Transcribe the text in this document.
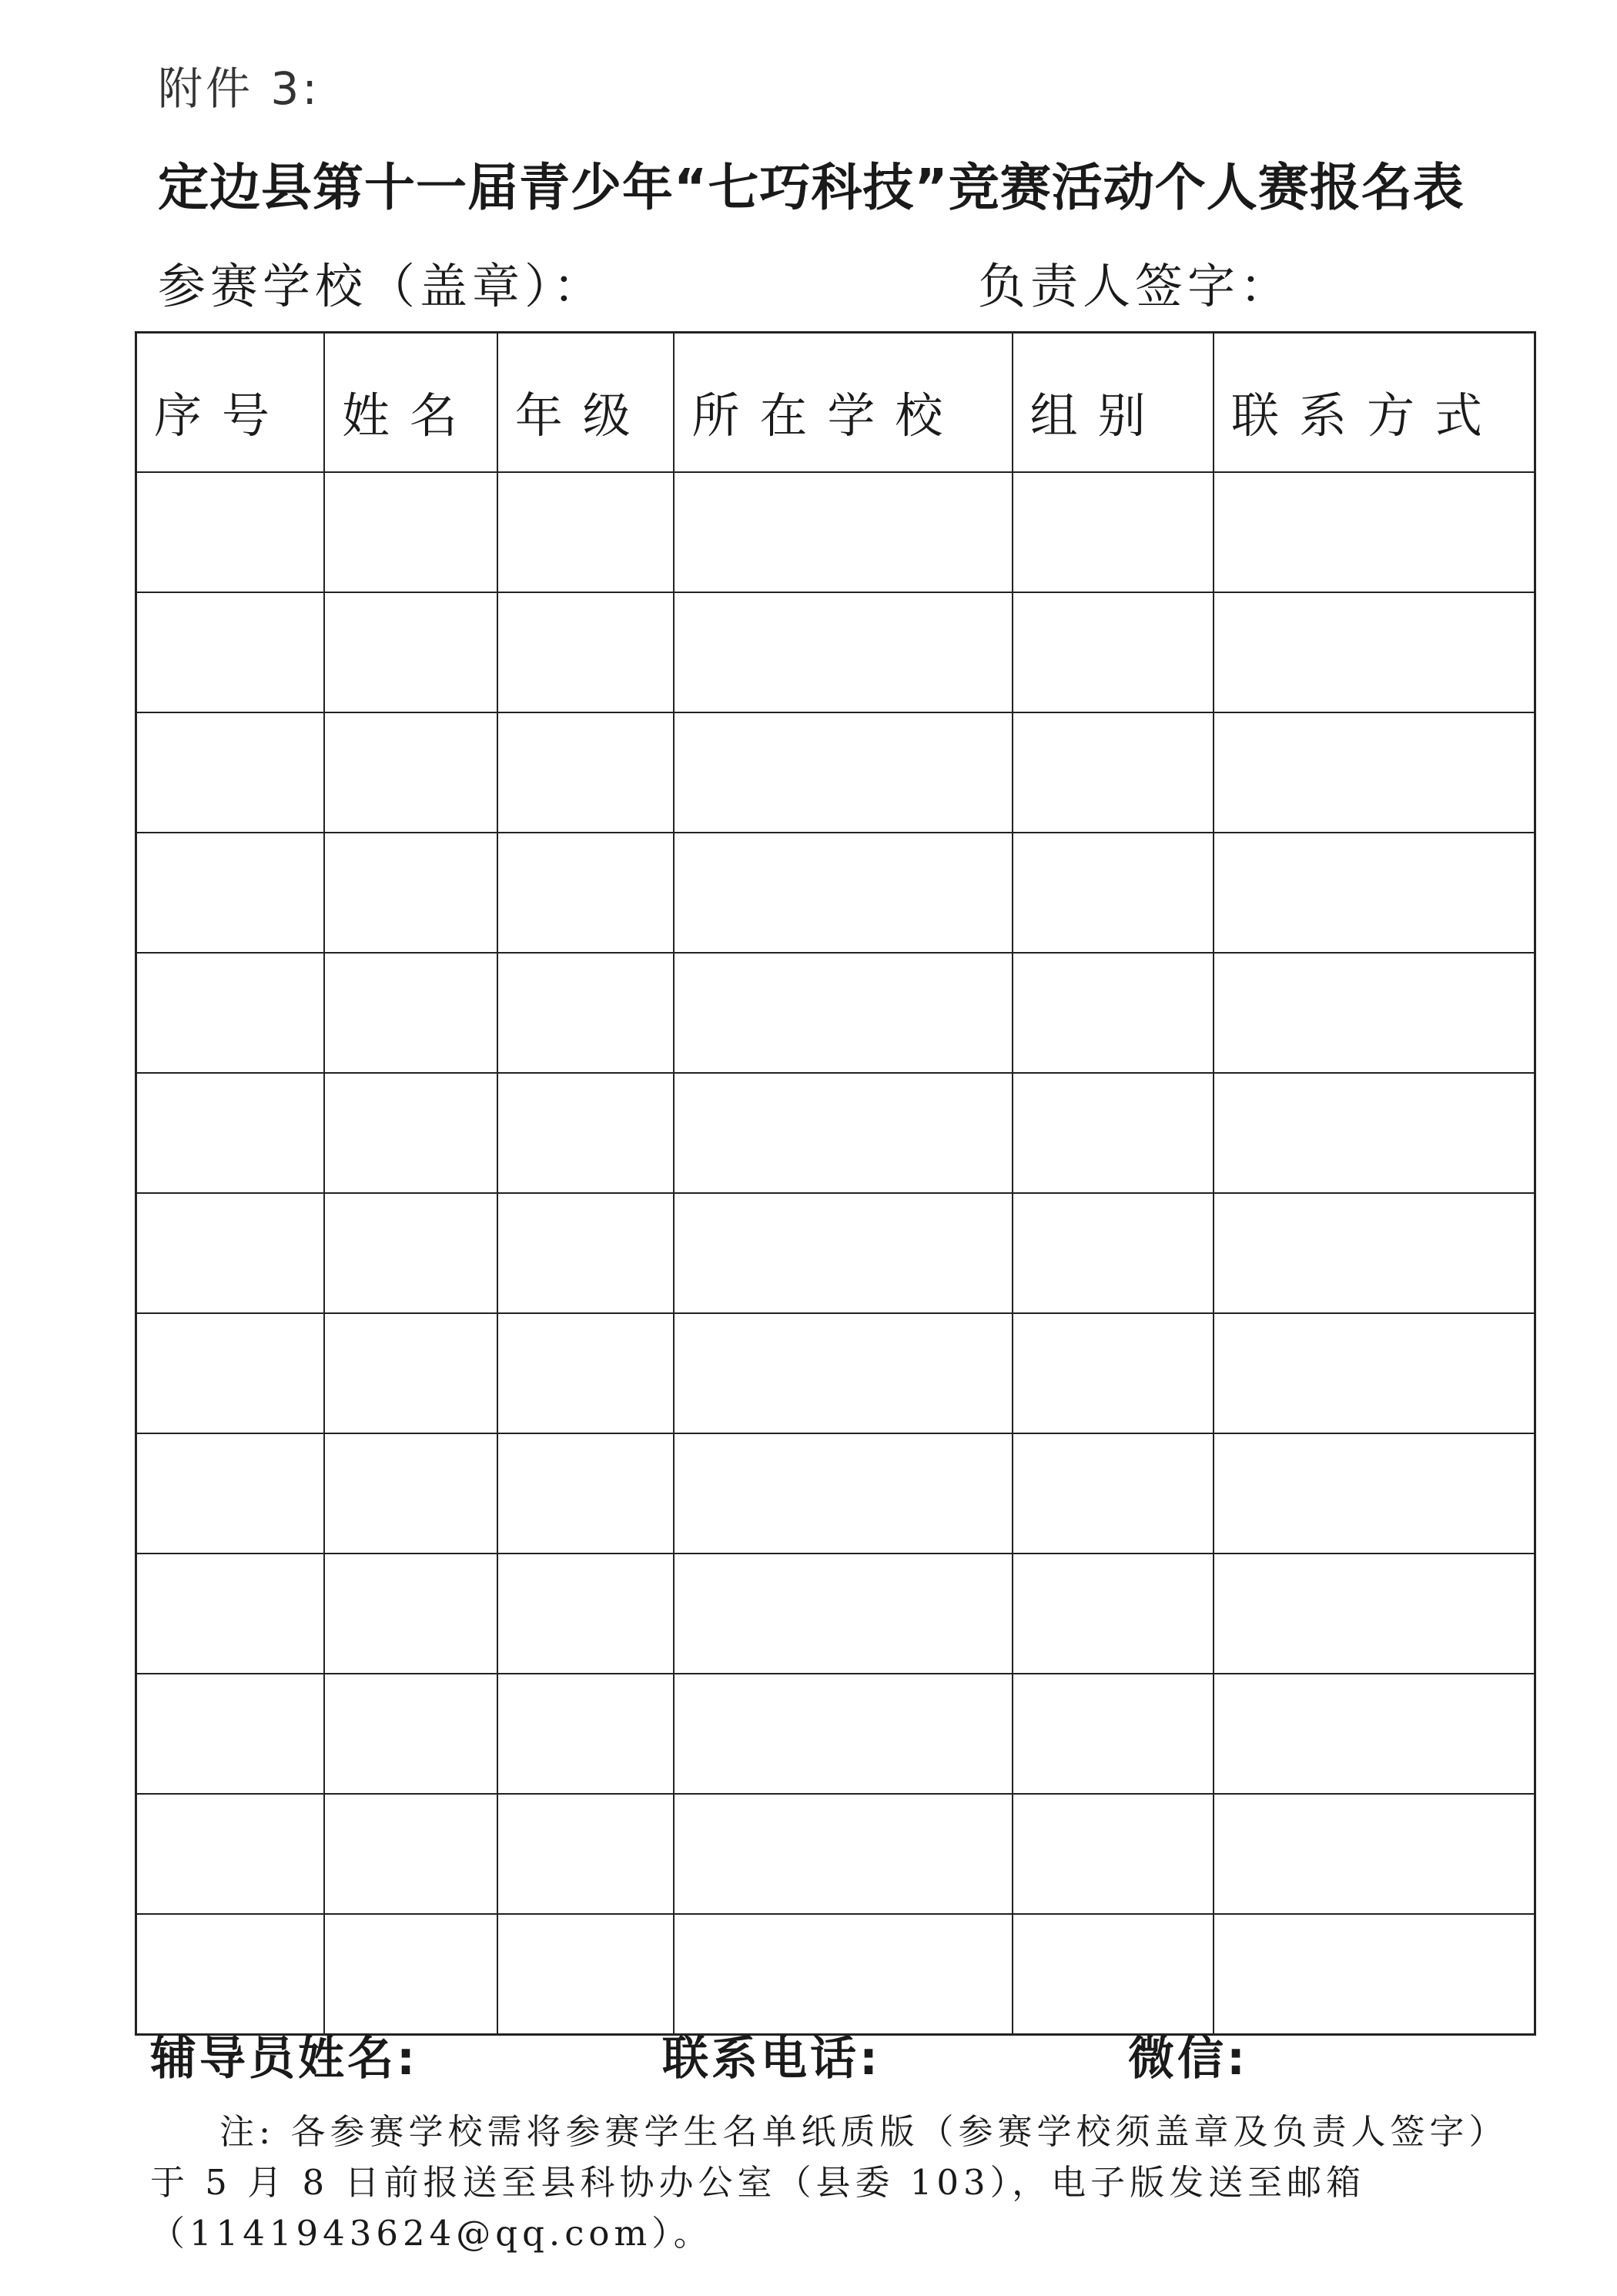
附件 3:
定边县第十一届青少年“七巧科技”竞赛活动个人赛报名表
参赛学校（盖章）：	负责人签字：
序号	姓名	年级	所在学校	组别	联系方式

辅导员姓名:	联系电话:	微信:

注: 各参赛学校需将参赛学生名单纸质版（参赛学校须盖章及负责人签字）

于 5 月 8 日前报送至县科协办公室（县委 103），电子版发送至邮箱

（1141943624@qq.com）。
